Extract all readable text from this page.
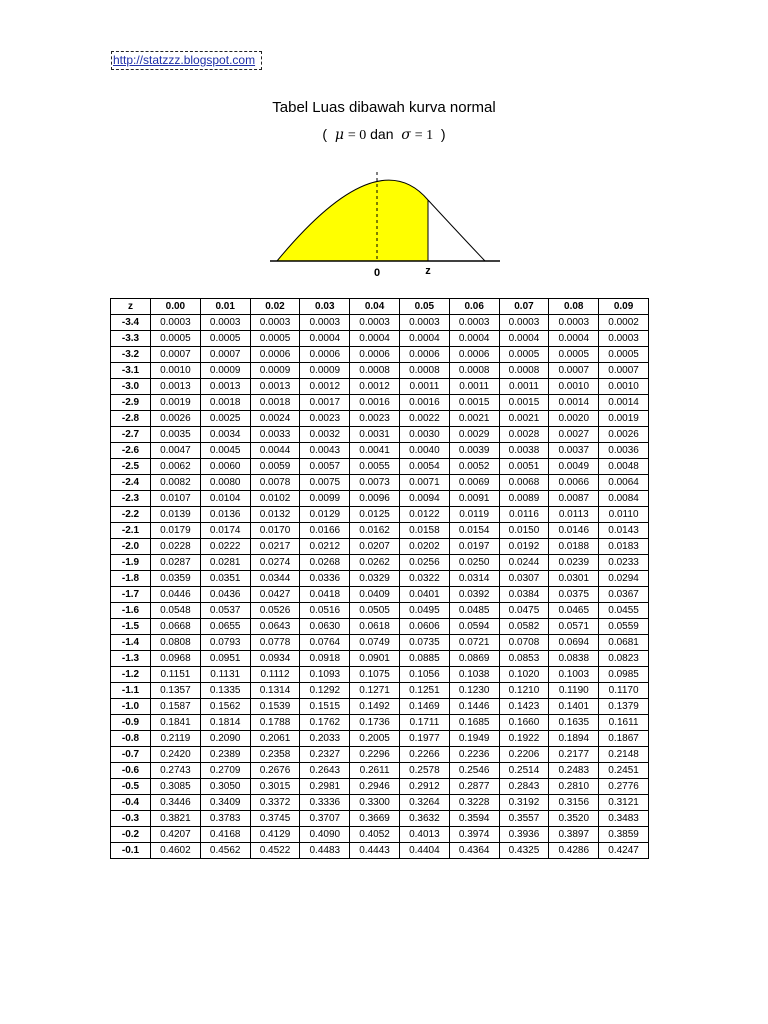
http://statzzz.blogspot.com
Tabel Luas dibawah kurva normal
( μ = 0 dan σ = 1 )
0	z
z	0.00	0.01	0.02	0.03	0.04	0.05	0.06	0.07	0.08	0.09
-3.4	0.0003	0.0003	0.0003	0.0003	0.0003	0.0003	0.0003	0.0003	0.0003	0.0002
-3.3	0.0005	0.0005	0.0005	0.0004	0.0004	0.0004	0.0004	0.0004	0.0004	0.0003
-3.2	0.0007	0.0007	0.0006	0.0006	0.0006	0.0006	0.0006	0.0005	0.0005	0.0005
-3.1	0.0010	0.0009	0.0009	0.0009	0.0008	0.0008	0.0008	0.0008	0.0007	0.0007
-3.0	0.0013	0.0013	0.0013	0.0012	0.0012	0.0011	0.0011	0.0011	0.0010	0.0010
-2.9	0.0019	0.0018	0.0018	0.0017	0.0016	0.0016	0.0015	0.0015	0.0014	0.0014
-2.8	0.0026	0.0025	0.0024	0.0023	0.0023	0.0022	0.0021	0.0021	0.0020	0.0019
-2.7	0.0035	0.0034	0.0033	0.0032	0.0031	0.0030	0.0029	0.0028	0.0027	0.0026
-2.6	0.0047	0.0045	0.0044	0.0043	0.0041	0.0040	0.0039	0.0038	0.0037	0.0036
-2.5	0.0062	0.0060	0.0059	0.0057	0.0055	0.0054	0.0052	0.0051	0.0049	0.0048
-2.4	0.0082	0.0080	0.0078	0.0075	0.0073	0.0071	0.0069	0.0068	0.0066	0.0064
-2.3	0.0107	0.0104	0.0102	0.0099	0.0096	0.0094	0.0091	0.0089	0.0087	0.0084
-2.2	0.0139	0.0136	0.0132	0.0129	0.0125	0.0122	0.0119	0.0116	0.0113	0.0110
-2.1	0.0179	0.0174	0.0170	0.0166	0.0162	0.0158	0.0154	0.0150	0.0146	0.0143
-2.0	0.0228	0.0222	0.0217	0.0212	0.0207	0.0202	0.0197	0.0192	0.0188	0.0183
-1.9	0.0287	0.0281	0.0274	0.0268	0.0262	0.0256	0.0250	0.0244	0.0239	0.0233
-1.8	0.0359	0.0351	0.0344	0.0336	0.0329	0.0322	0.0314	0.0307	0.0301	0.0294
-1.7	0.0446	0.0436	0.0427	0.0418	0.0409	0.0401	0.0392	0.0384	0.0375	0.0367
-1.6	0.0548	0.0537	0.0526	0.0516	0.0505	0.0495	0.0485	0.0475	0.0465	0.0455
-1.5	0.0668	0.0655	0.0643	0.0630	0.0618	0.0606	0.0594	0.0582	0.0571	0.0559
-1.4	0.0808	0.0793	0.0778	0.0764	0.0749	0.0735	0.0721	0.0708	0.0694	0.0681
-1.3	0.0968	0.0951	0.0934	0.0918	0.0901	0.0885	0.0869	0.0853	0.0838	0.0823
-1.2	0.1151	0.1131	0.1112	0.1093	0.1075	0.1056	0.1038	0.1020	0.1003	0.0985
-1.1	0.1357	0.1335	0.1314	0.1292	0.1271	0.1251	0.1230	0.1210	0.1190	0.1170
-1.0	0.1587	0.1562	0.1539	0.1515	0.1492	0.1469	0.1446	0.1423	0.1401	0.1379
-0.9	0.1841	0.1814	0.1788	0.1762	0.1736	0.1711	0.1685	0.1660	0.1635	0.1611
-0.8	0.2119	0.2090	0.2061	0.2033	0.2005	0.1977	0.1949	0.1922	0.1894	0.1867
-0.7	0.2420	0.2389	0.2358	0.2327	0.2296	0.2266	0.2236	0.2206	0.2177	0.2148
-0.6	0.2743	0.2709	0.2676	0.2643	0.2611	0.2578	0.2546	0.2514	0.2483	0.2451
-0.5	0.3085	0.3050	0.3015	0.2981	0.2946	0.2912	0.2877	0.2843	0.2810	0.2776
-0.4	0.3446	0.3409	0.3372	0.3336	0.3300	0.3264	0.3228	0.3192	0.3156	0.3121
-0.3	0.3821	0.3783	0.3745	0.3707	0.3669	0.3632	0.3594	0.3557	0.3520	0.3483
-0.2	0.4207	0.4168	0.4129	0.4090	0.4052	0.4013	0.3974	0.3936	0.3897	0.3859
-0.1	0.4602	0.4562	0.4522	0.4483	0.4443	0.4404	0.4364	0.4325	0.4286	0.4247
